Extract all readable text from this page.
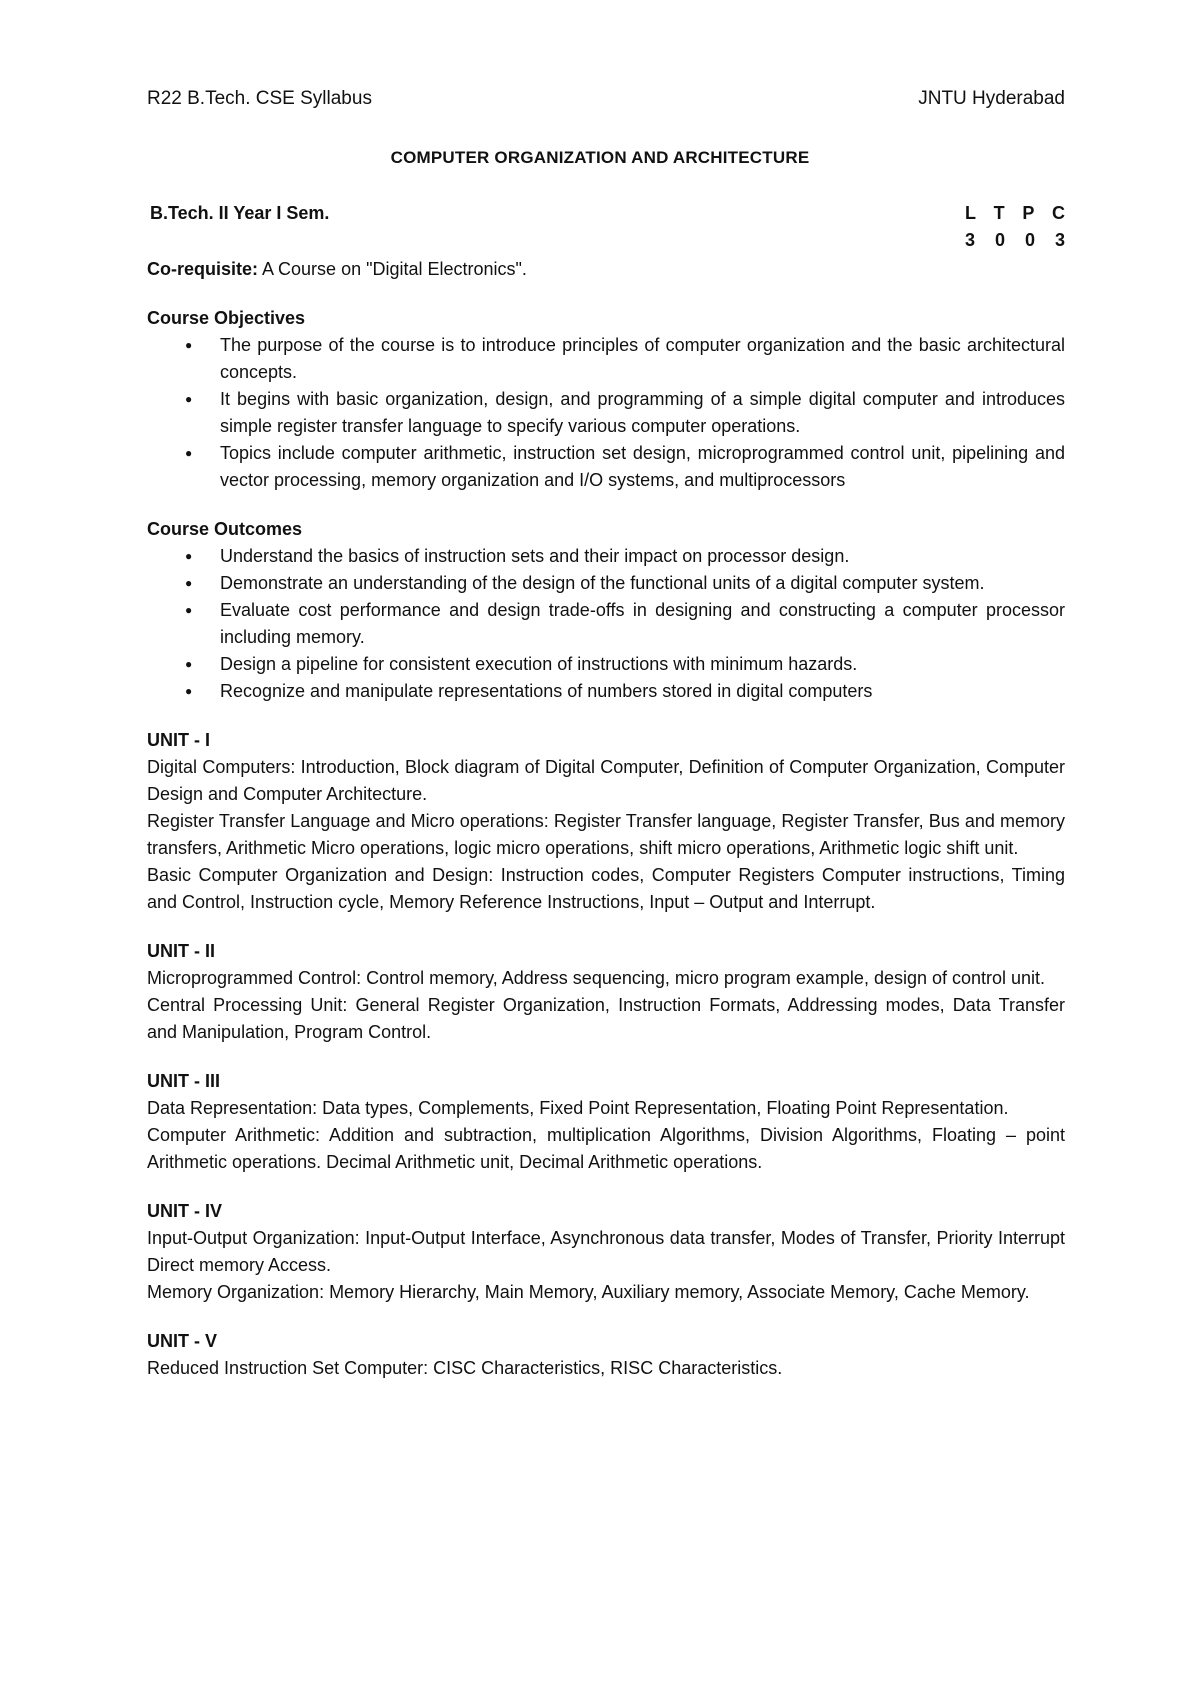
R22 B.Tech. CSE Syllabus	JNTU Hyderabad
COMPUTER ORGANIZATION AND ARCHITECTURE
B.Tech. II Year I Sem.	L T P C
3 0 0 3
Co-requisite: A Course on "Digital Electronics".
Course Objectives
● The purpose of the course is to introduce principles of computer organization and the basic architectural concepts.
● It begins with basic organization, design, and programming of a simple digital computer and introduces simple register transfer language to specify various computer operations.
● Topics include computer arithmetic, instruction set design, microprogrammed control unit, pipelining and vector processing, memory organization and I/O systems, and multiprocessors
Course Outcomes
● Understand the basics of instruction sets and their impact on processor design.
● Demonstrate an understanding of the design of the functional units of a digital computer system.
● Evaluate cost performance and design trade-offs in designing and constructing a computer processor including memory.
● Design a pipeline for consistent execution of instructions with minimum hazards.
● Recognize and manipulate representations of numbers stored in digital computers
UNIT - I
Digital Computers: Introduction, Block diagram of Digital Computer, Definition of Computer Organization, Computer Design and Computer Architecture.
Register Transfer Language and Micro operations: Register Transfer language, Register Transfer, Bus and memory transfers, Arithmetic Micro operations, logic micro operations, shift micro operations, Arithmetic logic shift unit.
Basic Computer Organization and Design: Instruction codes, Computer Registers Computer instructions, Timing and Control, Instruction cycle, Memory Reference Instructions, Input – Output and Interrupt.
UNIT - II
Microprogrammed Control: Control memory, Address sequencing, micro program example, design of control unit.
Central Processing Unit: General Register Organization, Instruction Formats, Addressing modes, Data Transfer and Manipulation, Program Control.
UNIT - III
Data Representation: Data types, Complements, Fixed Point Representation, Floating Point Representation.
Computer Arithmetic: Addition and subtraction, multiplication Algorithms, Division Algorithms, Floating – point Arithmetic operations. Decimal Arithmetic unit, Decimal Arithmetic operations.
UNIT - IV
Input-Output Organization: Input-Output Interface, Asynchronous data transfer, Modes of Transfer, Priority Interrupt Direct memory Access.
Memory Organization: Memory Hierarchy, Main Memory, Auxiliary memory, Associate Memory, Cache Memory.
UNIT - V
Reduced Instruction Set Computer: CISC Characteristics, RISC Characteristics.
